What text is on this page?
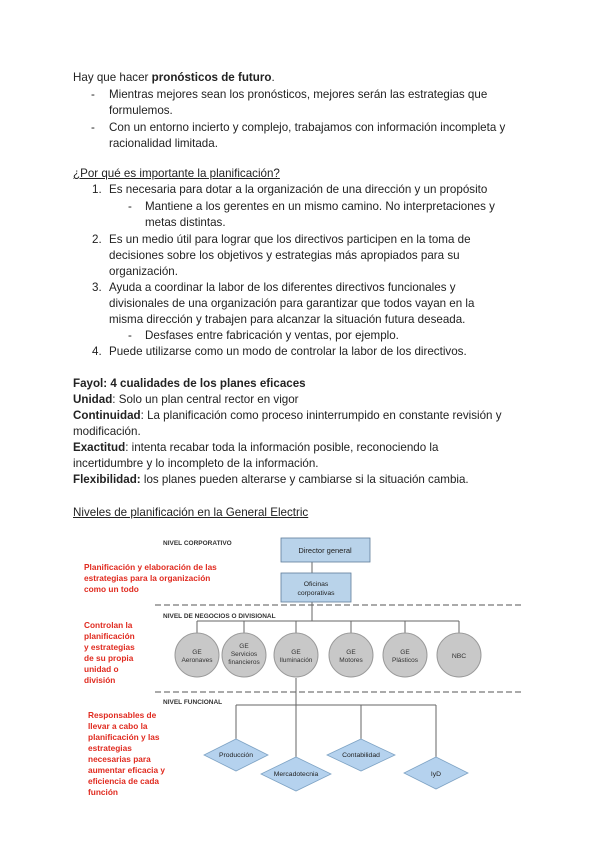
Hay que hacer pronósticos de futuro.
- Mientras mejores sean los pronósticos, mejores serán las estrategias que
formulemos.
- Con un entorno incierto y complejo, trabajamos con información incompleta y
racionalidad limitada.
¿Por qué es importante la planificación?
1. Es necesaria para dotar a la organización de una dirección y un propósito
- Mantiene a los gerentes en un mismo camino. No interpretaciones y
metas distintas.
2. Es un medio útil para lograr que los directivos participen en la toma de
decisiones sobre los objetivos y estrategias más apropiados para su
organización.
3. Ayuda a coordinar la labor de los diferentes directivos funcionales y
divisionales de una organización para garantizar que todos vayan en la
misma dirección y trabajen para alcanzar la situación futura deseada.
- Desfases entre fabricación y ventas, por ejemplo.
4. Puede utilizarse como un modo de controlar la labor de los directivos.
Fayol: 4 cualidades de los planes eficaces
Unidad: Solo un plan central rector en vigor
Continuidad: La planificación como proceso ininterrumpido en constante revisión y
modificación.
Exactitud: intenta recabar toda la información posible, reconociendo la
incertidumbre y lo incompleto de la información.
Flexibilidad: los planes pueden alterarse y cambiarse si la situación cambia.
Niveles de planificación en la General Electric
NIVEL CORPORATIVO
NIVEL DE NEGOCIOS O DIVISIONAL
NIVEL FUNCIONAL
Director general
Oficinas
corporativas
GE
Aeronaves
GE
Servicios
financieros
GE
Iluminación
GE
Motores
GE
Plásticos
NBC
Producción
Mercadotecnia
Contabilidad
IyD
Planificación y elaboración de las
estrategias para la organización
como un todo
Controlan la
planificación
y estrategias
de su propia
unidad o
división
Responsables de
llevar a cabo la
planificación y las
estrategias
necesarias para
aumentar eficacia y
eficiencia de cada
función
